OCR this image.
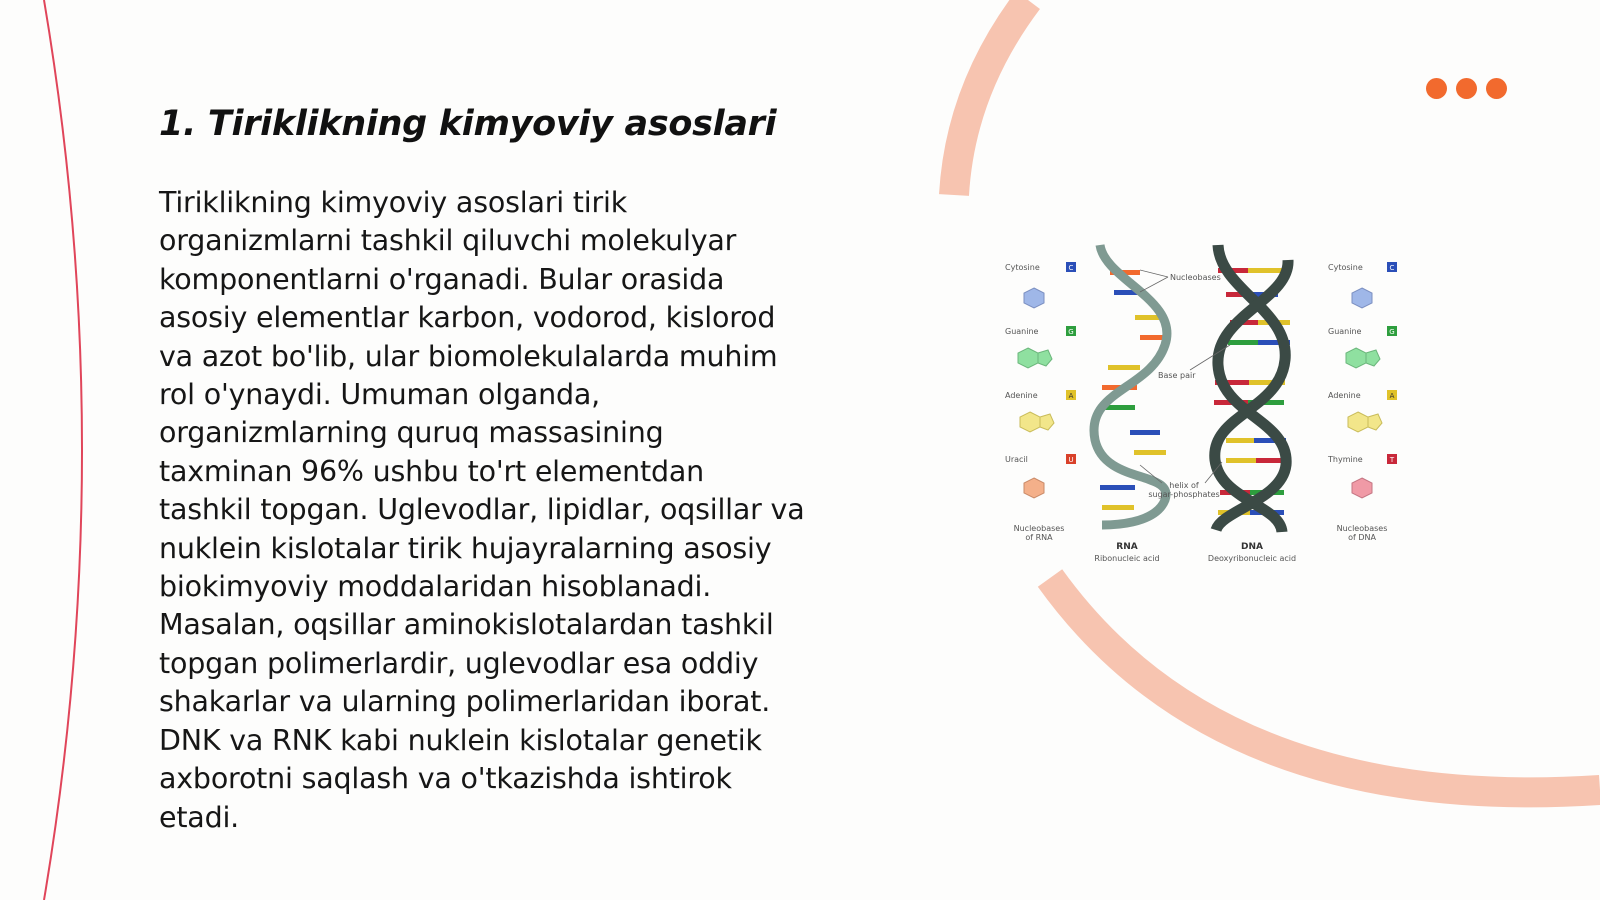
1. Tiriklikning kimyoviy asoslari

Tiriklikning kimyoviy asoslari tirik
organizmlarni tashkil qiluvchi molekulyar
komponentlarni o'rganadi. Bular orasida
asosiy elementlar karbon, vodorod, kislorod
va azot bo'lib, ular biomolekulalarda muhim
rol o'ynaydi. Umuman olganda,
organizmlarning quruq massasining
taxminan 96% ushbu to'rt elementdan
tashkil topgan. Uglevodlar, lipidlar, oqsillar va
nuklein kislotalar tirik hujayralarning asosiy
biokimyoviy moddalaridan hisoblanadi.
Masalan, oqsillar aminokislotalardan tashkil
topgan polimerlardir, uglevodlar esa oddiy
shakarlar va ularning polimerlaridan iborat.
DNK va RNK kabi nuklein kislotalar genetik
axborotni saqlash va o'tkazishda ishtirok
etadi.

Cytosine	C
Guanine	G
Adenine	A
Uracil	U
Nucleobases
of RNA
Nucleobases
Base pair
helix of
sugar-phosphates
RNA
Ribonucleic acid
DNA
Deoxyribonucleic acid
Cytosine	C
Guanine	G
Adenine	A
Thymine	T
Nucleobases
of DNA
